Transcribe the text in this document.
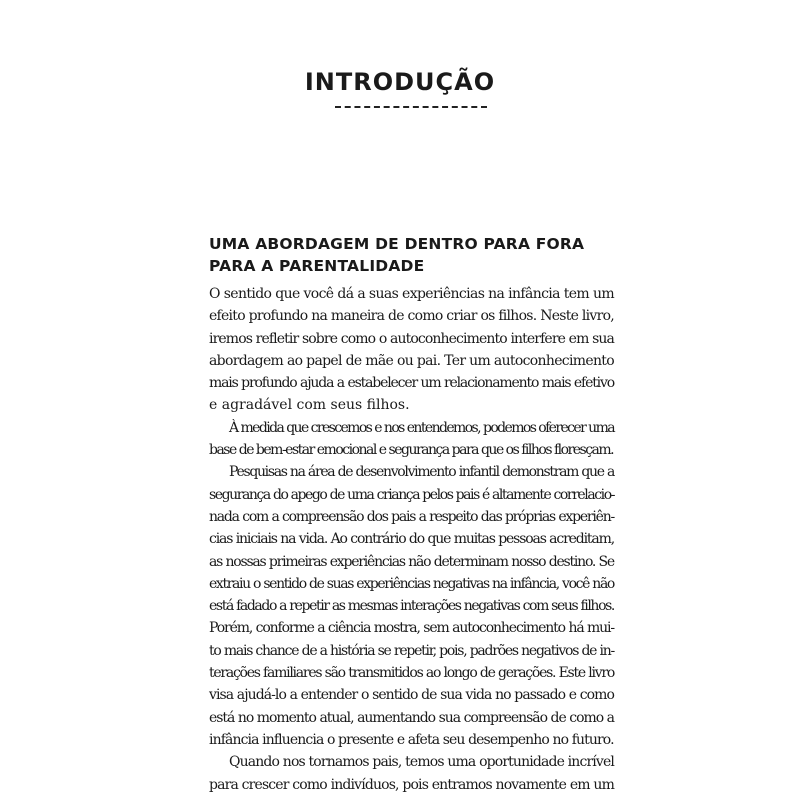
INTRODUÇÃO
UMA ABORDAGEM DE DENTRO PARA FORA
PARA A PARENTALIDADE
O sentido que você dá a suas experiências na infância tem um
efeito profundo na maneira de como criar os filhos. Neste livro,
iremos refletir sobre como o autoconhecimento interfere em sua
abordagem ao papel de mãe ou pai. Ter um autoconhecimento
mais profundo ajuda a estabelecer um relacionamento mais efetivo
e agradável com seus filhos.
À medida que crescemos e nos entendemos, podemos oferecer uma
base de bem-estar emocional e segurança para que os filhos floresçam.
Pesquisas na área de desenvolvimento infantil demonstram que a
segurança do apego de uma criança pelos pais é altamente correlacio-
nada com a compreensão dos pais a respeito das próprias experiên-
cias iniciais na vida. Ao contrário do que muitas pessoas acreditam,
as nossas primeiras experiências não determinam nosso destino. Se
extraiu o sentido de suas experiências negativas na infância, você não
está fadado a repetir as mesmas interações negativas com seus filhos.
Porém, conforme a ciência mostra, sem autoconhecimento há mui-
to mais chance de a história se repetir, pois, padrões negativos de in-
terações familiares são transmitidos ao longo de gerações. Este livro
visa ajudá-lo a entender o sentido de sua vida no passado e como
está no momento atual, aumentando sua compreensão de como a
infância influencia o presente e afeta seu desempenho no futuro.
Quando nos tornamos pais, temos uma oportunidade incrível
para crescer como indivíduos, pois entramos novamente em um
